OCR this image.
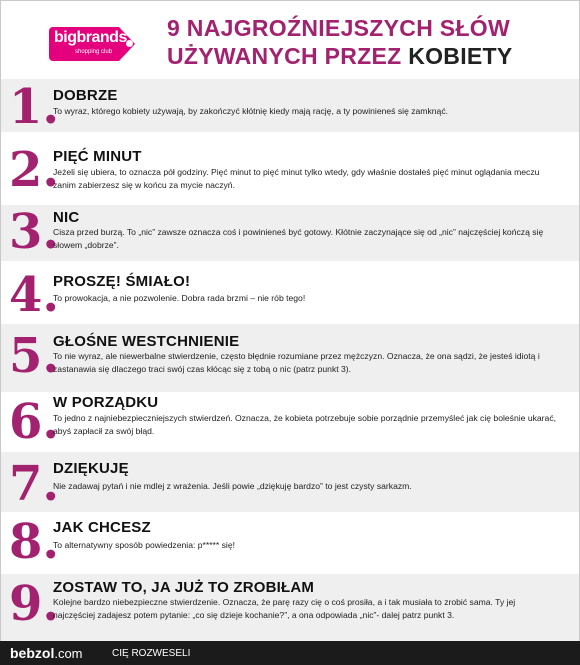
bigbrands
shopping club
9 NAJGROŹNIEJSZYCH SŁÓW
UŻYWANYCH PRZEZ KOBIETY
1.
DOBRZE
To wyraz, którego kobiety używają, by zakończyć kłótnię kiedy mają rację, a ty powinieneś się zamknąć.
2.
PIĘĆ MINUT
Jeżeli się ubiera, to oznacza pół godziny. Pięć minut to pięć minut tylko wtedy, gdy właśnie dostałeś pięć minut oglądania meczu zanim zabierzesz się w końcu za mycie naczyń.
3.
NIC
Cisza przed burzą. To „nic” zawsze oznacza coś i powinieneś być gotowy. Kłótnie zaczynające się od „nic” najczęściej kończą się słowem „dobrze”.
4.
PROSZĘ! ŚMIAŁO!
To prowokacja, a nie pozwolenie. Dobra rada brzmi – nie rób tego!
5.
GŁOŚNE WESTCHNIENIE
To nie wyraz, ale niewerbalne stwierdzenie, często błędnie rozumiane przez mężczyzn. Oznacza, że ona sądzi, że jesteś idiotą i zastanawia się dlaczego traci swój czas kłócąc się z tobą o nic (patrz punkt 3).
6.
W PORZĄDKU
To jedno z najniebezpieczniejszych stwierdzeń. Oznacza, że kobieta potrzebuje sobie porządnie przemyśleć jak cię boleśnie ukarać, abyś zapłacił za swój błąd.
7.
DZIĘKUJĘ
Nie zadawaj pytań i nie mdlej z wrażenia. Jeśli powie „dziękuję bardzo” to jest czysty sarkazm.
8.
JAK CHCESZ
To alternatywny sposób powiedzenia: p***** się!
9.
ZOSTAW TO, JA JUŻ TO ZROBIŁAM
Kolejne bardzo niebezpieczne stwierdzenie. Oznacza, że parę razy cię o coś prosiła, a i tak musiała to zrobić sama. Ty jej najczęściej zadajesz potem pytanie: „co się dzieje kochanie?”, a ona odpowiada „nic”- dalej patrz punkt 3.
bebzol.com	CIĘ ROZWESELI
